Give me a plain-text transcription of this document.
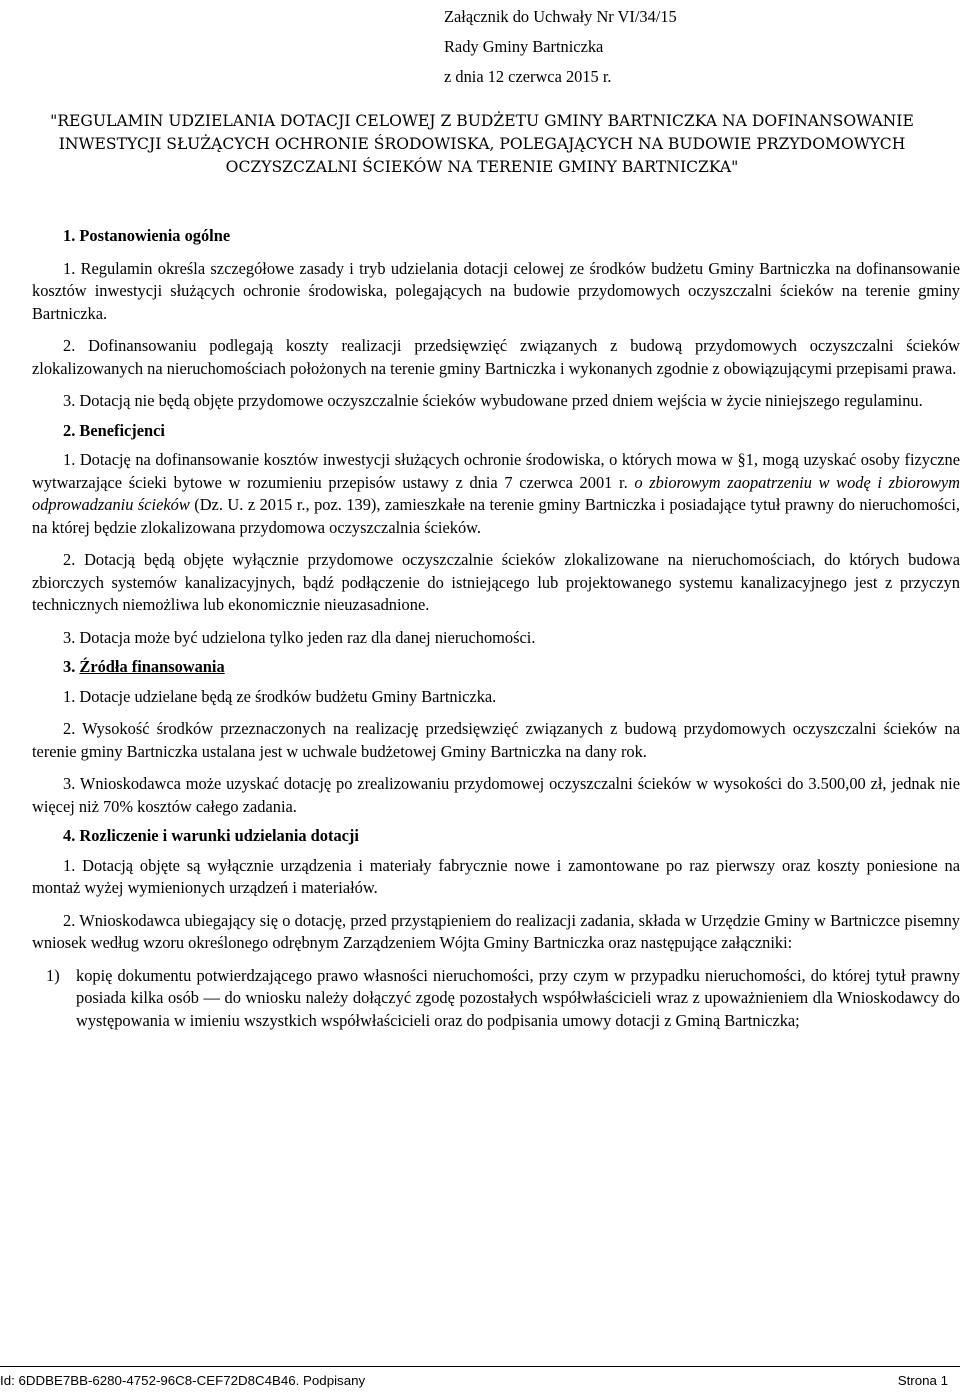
Załącznik do Uchwały Nr VI/34/15
Rady Gminy Bartniczka
z dnia 12 czerwca 2015 r.
"REGULAMIN UDZIELANIA DOTACJI CELOWEJ Z BUDŻETU GMINY BARTNICZKA NA DOFINANSOWANIE INWESTYCJI SŁUŻĄCYCH OCHRONIE ŚRODOWISKA, POLEGAJĄCYCH NA BUDOWIE PRZYDOMOWYCH OCZYSZCZALNI ŚCIEKÓW NA TERENIE GMINY BARTNICZKA"
1. Postanowienia ogólne

1. Regulamin określa szczegółowe zasady i tryb udzielania dotacji celowej ze środków budżetu Gminy Bartniczka na dofinansowanie kosztów inwestycji służących ochronie środowiska, polegających na budowie przydomowych oczyszczalni ścieków na terenie gminy Bartniczka.

2. Dofinansowaniu podlegają koszty realizacji przedsięwzięć związanych z budową przydomowych oczyszczalni ścieków zlokalizowanych na nieruchomościach położonych na terenie gminy Bartniczka i wykonanych zgodnie z obowiązującymi przepisami prawa.

3. Dotacją nie będą objęte przydomowe oczyszczalnie ścieków wybudowane przed dniem wejścia w życie niniejszego regulaminu.

2. Beneficjenci

1. Dotację na dofinansowanie kosztów inwestycji służących ochronie środowiska, o których mowa w §1, mogą uzyskać osoby fizyczne wytwarzające ścieki bytowe w rozumieniu przepisów ustawy z dnia 7 czerwca 2001 r. o zbiorowym zaopatrzeniu w wodę i zbiorowym odprowadzaniu ścieków (Dz. U. z 2015 r., poz. 139), zamieszkałe na terenie gminy Bartniczka i posiadające tytuł prawny do nieruchomości, na której będzie zlokalizowana przydomowa oczyszczalnia ścieków.

2. Dotacją będą objęte wyłącznie przydomowe oczyszczalnie ścieków zlokalizowane na nieruchomościach, do których budowa zbiorczych systemów kanalizacyjnych, bądź podłączenie do istniejącego lub projektowanego systemu kanalizacyjnego jest z przyczyn technicznych niemożliwa lub ekonomicznie nieuzasadnione.

3. Dotacja może być udzielona tylko jeden raz dla danej nieruchomości.

3. Źródła finansowania

1. Dotacje udzielane będą ze środków budżetu Gminy Bartniczka.

2. Wysokość środków przeznaczonych na realizację przedsięwzięć związanych z budową przydomowych oczyszczalni ścieków na terenie gminy Bartniczka ustalana jest w uchwale budżetowej Gminy Bartniczka na dany rok.

3. Wnioskodawca może uzyskać dotację po zrealizowaniu przydomowej oczyszczalni ścieków w wysokości do 3.500,00 zł, jednak nie więcej niż 70% kosztów całego zadania.

4. Rozliczenie i warunki udzielania dotacji

1. Dotacją objęte są wyłącznie urządzenia i materiały fabrycznie nowe i zamontowane po raz pierwszy oraz koszty poniesione na montaż wyżej wymienionych urządzeń i materiałów.

2. Wnioskodawca ubiegający się o dotację, przed przystąpieniem do realizacji zadania, składa w Urzędzie Gminy w Bartniczce pisemny wniosek według wzoru określonego odrębnym Zarządzeniem Wójta Gminy Bartniczka oraz następujące załączniki:

1) kopię dokumentu potwierdzającego prawo własności nieruchomości, przy czym w przypadku nieruchomości, do której tytuł prawny posiada kilka osób — do wniosku należy dołączyć zgodę pozostałych współwłaścicieli wraz z upoważnieniem dla Wnioskodawcy do występowania w imieniu wszystkich współwłaścicieli oraz do podpisania umowy dotacji z Gminą Bartniczka;
Id: 6DDBE7BB-6280-4752-96C8-CEF72D8C4B46. Podpisany	Strona 1
